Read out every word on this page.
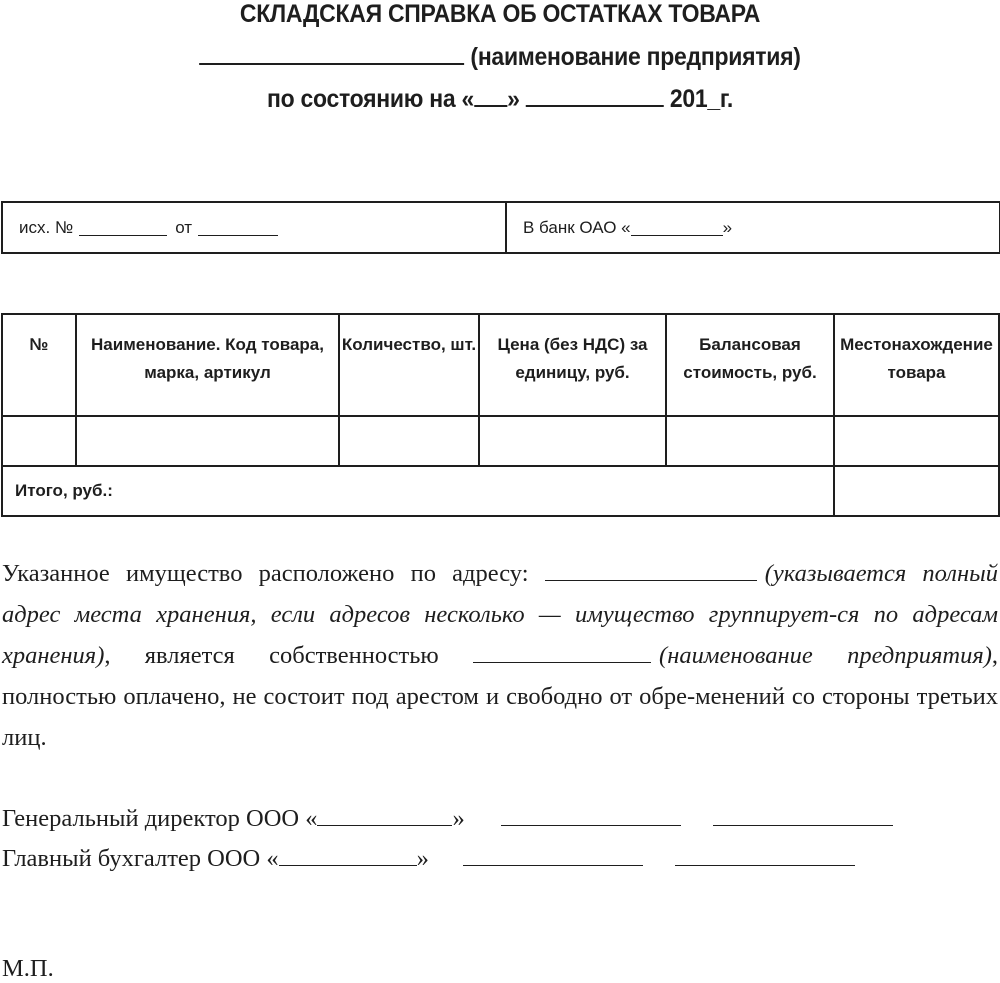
СКЛАДСКАЯ СПРАВКА ОБ ОСТАТКАХ ТОВАРА
(наименование предприятия)
по состоянию на « »	201_г.
исх. №	от	В банк ОАО «	»
№	Наименование. Код товара, марка, артикул	Количество, шт.	Цена (без НДС) за единицу, руб.	Балансовая стоимость, руб.	Местонахождение товара

Итого, руб.:					
Указанное имущество расположено по адресу:	(указывается полный адрес места хранения, если адресов несколько — имущество группирует-ся по адресам хранения), является собственностью	(наименование предприятия), полностью оплачено, не состоит под арестом и свободно от обре-менений со стороны третьих лиц.
Генеральный директор ООО «	»
Главный бухгалтер ООО «	»
М.П.
